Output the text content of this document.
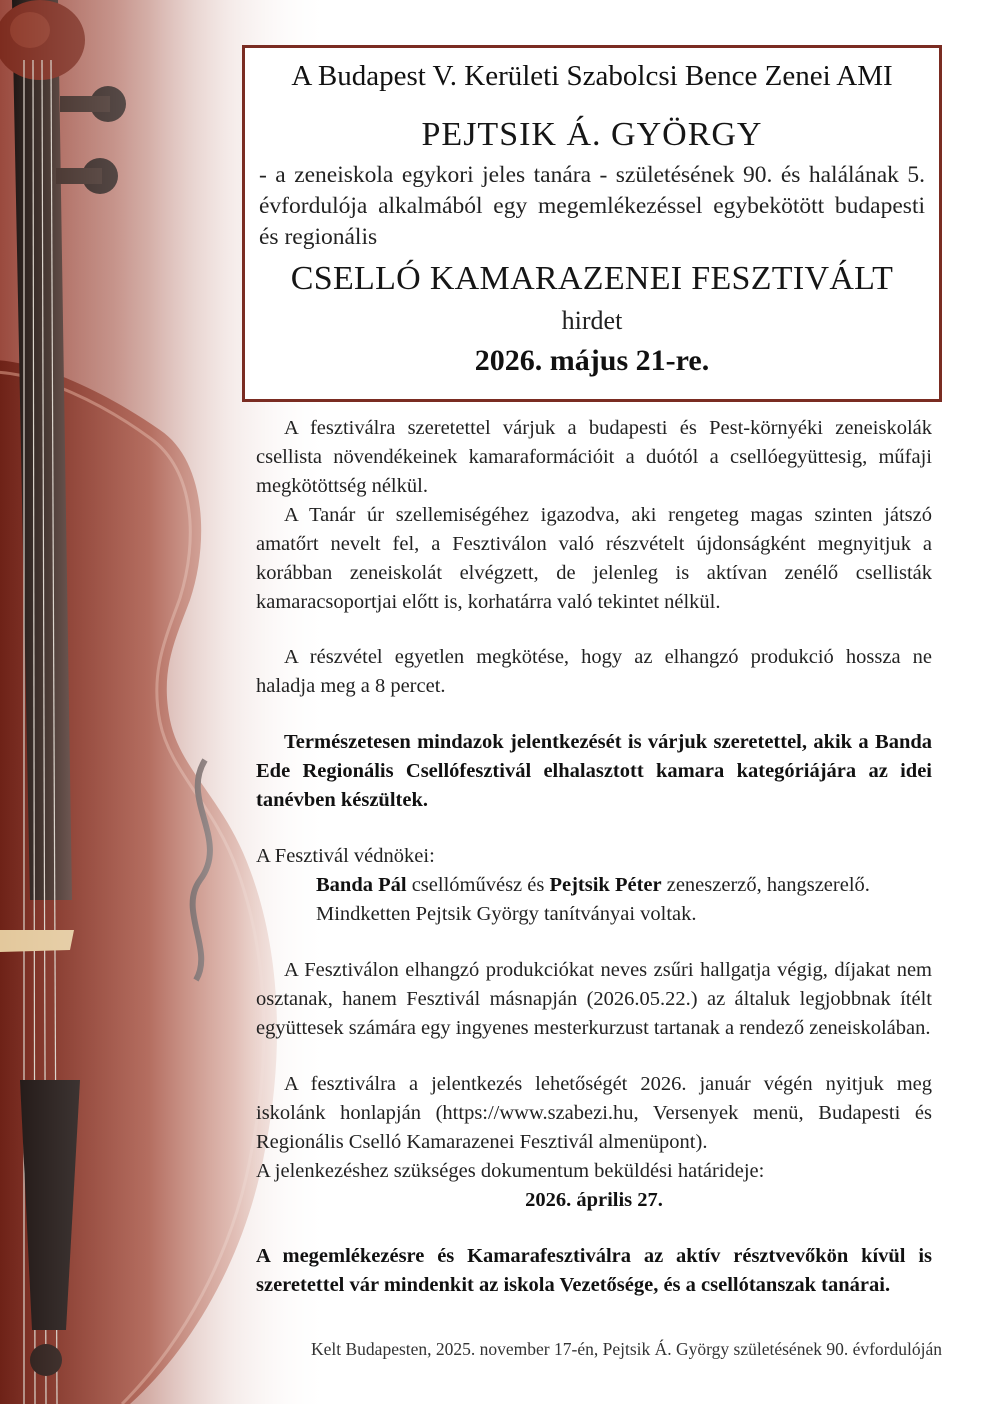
A Budapest V. Kerületi Szabolcsi Bence Zenei AMI
PEJTSIK Á. GYÖRGY
- a zeneiskola egykori jeles tanára - születésének 90. és halálának 5. évfordulója alkalmából egy megemlékezéssel egybekötött budapesti és regionális
CSELLÓ KAMARAZENEI FESZTIVÁLT
hirdet
2026. május 21-re.

A fesztiválra szeretettel várjuk a budapesti és Pest-környéki zeneiskolák csellista növendékeinek kamaraformációit a duótól a csellóegyüttesig, műfaji megkötöttség nélkül.

A Tanár úr szellemiségéhez igazodva, aki rengeteg magas szinten játszó amatőrt nevelt fel, a Fesztiválon való részvételt újdonságként megnyitjuk a korábban zeneiskolát elvégzett, de jelenleg is aktívan zenélő csellisták kamaracsoportjai előtt is, korhatárra való tekintet nélkül.

A részvétel egyetlen megkötése, hogy az elhangzó produkció hossza ne haladja meg a 8 percet.

Természetesen mindazok jelentkezését is várjuk szeretettel, akik a Banda Ede Regionális Csellófesztivál elhalasztott kamara kategóriájára az idei tanévben készültek.

A Fesztivál védnökei:

Banda Pál csellóművész és Pejtsik Péter zeneszerző, hangszerelő.

Mindketten Pejtsik György tanítványai voltak.

A Fesztiválon elhangzó produkciókat neves zsűri hallgatja végig, díjakat nem osztanak, hanem Fesztivál másnapján (2026.05.22.) az általuk legjobbnak ítélt együttesek számára egy ingyenes mesterkurzust tartanak a rendező zeneiskolában.

A fesztiválra a jelentkezés lehetőségét 2026. január végén nyitjuk meg iskolánk honlapján (https://www.szabezi.hu, Versenyek menü, Budapesti és Regionális Cselló Kamarazenei Fesztivál almenüpont).

A jelenkezéshez szükséges dokumentum beküldési határideje:

2026. április 27.

A megemlékezésre és Kamarafesztiválra az aktív résztvevőkön kívül is szeretettel vár mindenkit az iskola Vezetősége, és a csellótanszak tanárai.

Kelt Budapesten, 2025. november 17-én, Pejtsik Á. György születésének 90. évfordulóján
